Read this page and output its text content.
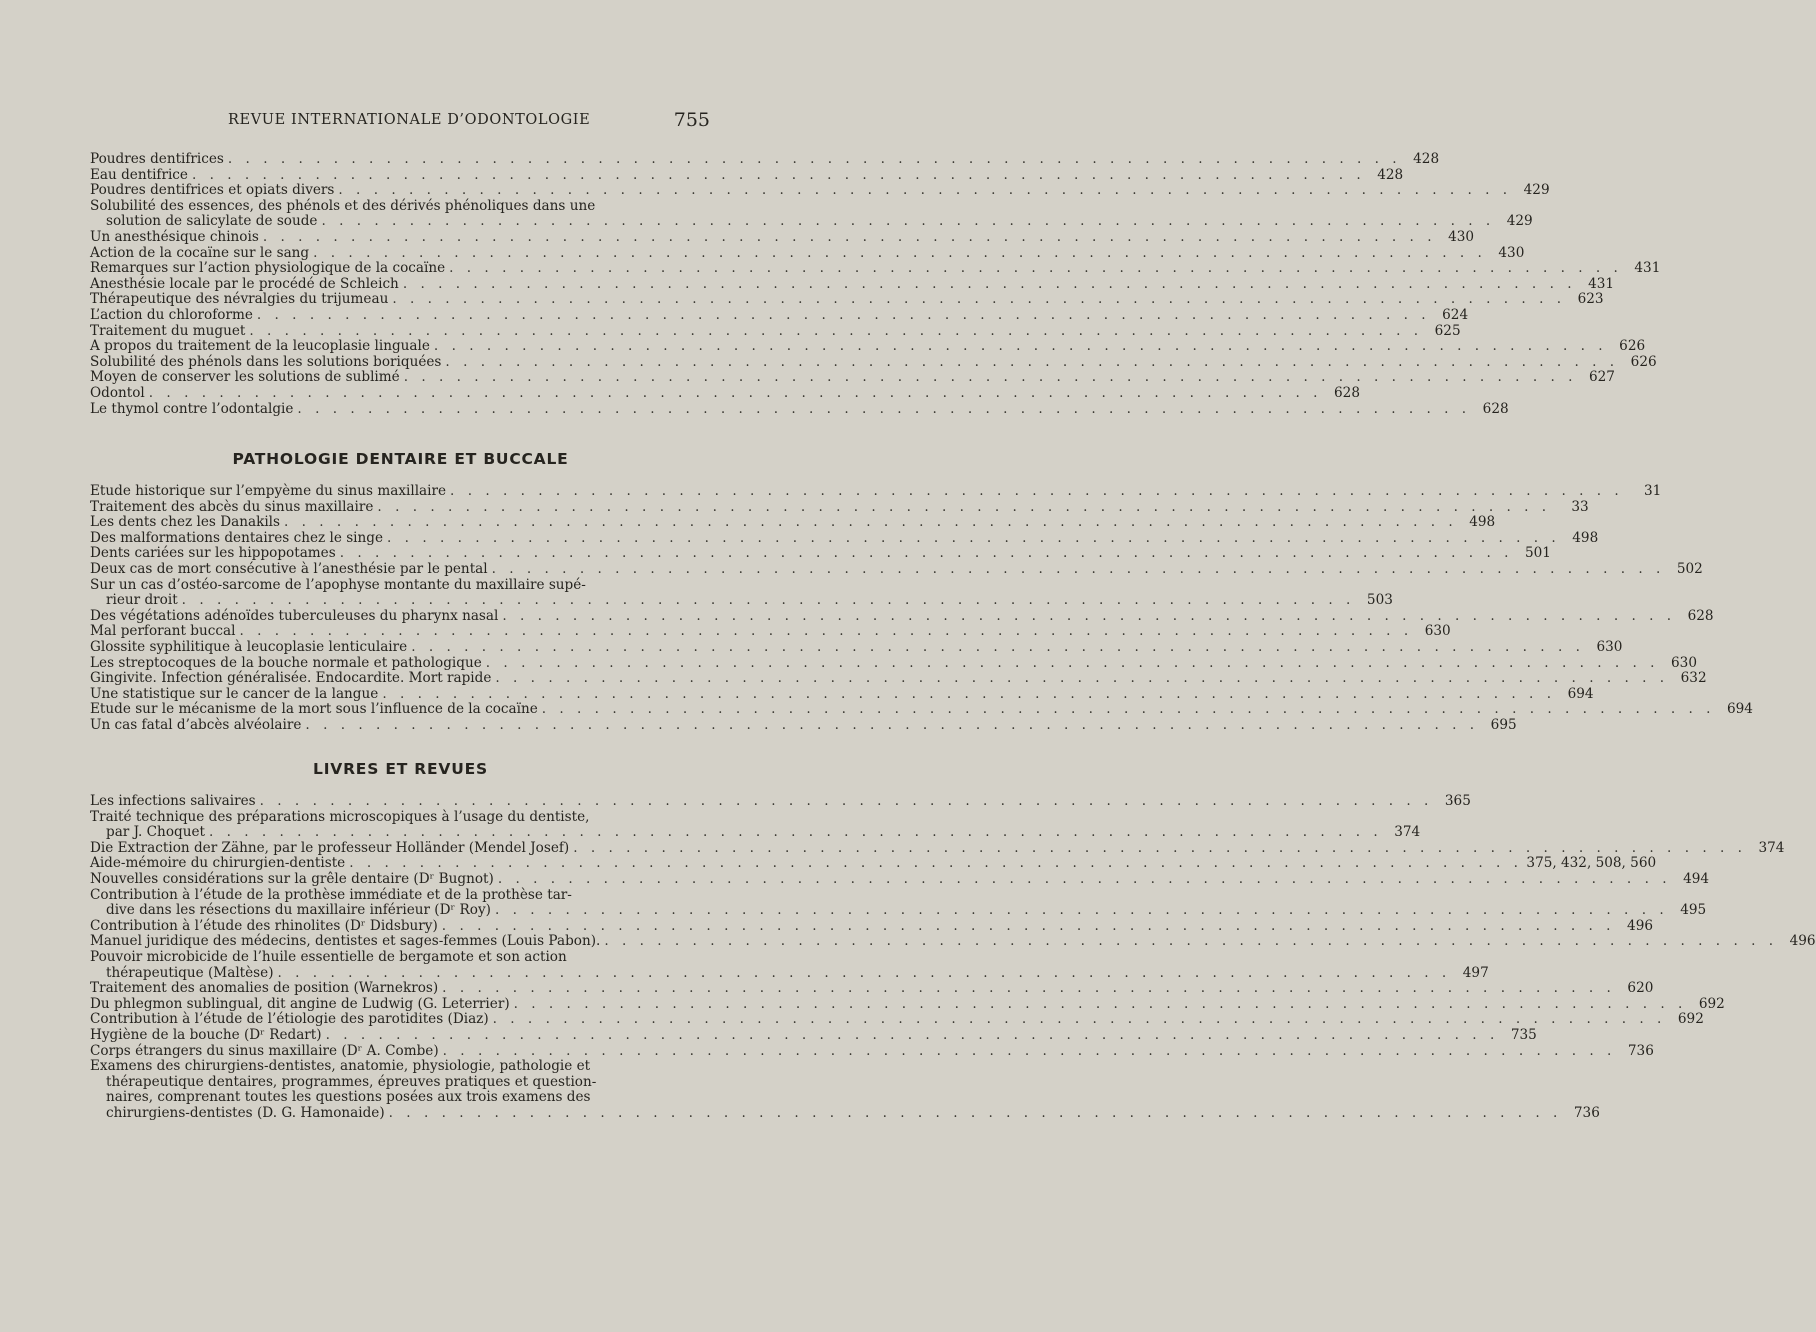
REVUE INTERNATIONALE D’ODONTOLOGIE	755
Poudres dentifrices . . .	428
Eau dentifrice . . .	428
Poudres dentifrices et opiats divers . . .	429
Solubilité des essences, des phénols et des dérivés phénoliques dans une
solution de salicylate de soude . . .	429
Un anesthésique chinois . . .	430
Action de la cocaïne sur le sang . . .	430
Remarques sur l’action physiologique de la cocaïne . . .	431
Anesthésie locale par le procédé de Schleich . . .	431
Thérapeutique des névralgies du trijumeau . . .	623
L’action du chloroforme . . .	624
Traitement du muguet . . .	625
A propos du traitement de la leucoplasie linguale . . .	626
Solubilité des phénols dans les solutions boriquées . . .	626
Moyen de conserver les solutions de sublimé . . .	627
Odontol . . .	628
Le thymol contre l’odontalgie . . .	628
PATHOLOGIE DENTAIRE ET BUCCALE
Etude historique sur l’empyème du sinus maxillaire . . .	31
Traitement des abcès du sinus maxillaire . . .	33
Les dents chez les Danakils . . .	498
Des malformations dentaires chez le singe . . .	498
Dents cariées sur les hippopotames . . .	501
Deux cas de mort consécutive à l’anesthésie par le pental . . .	502
Sur un cas d’ostéo-sarcome de l’apophyse montante du maxillaire supé-
rieur droit . . .	503
Des végétations adénoïdes tuberculeuses du pharynx nasal . . .	628
Mal perforant buccal . . .	630
Glossite syphilitique à leucoplasie lenticulaire . . .	630
Les streptocoques de la bouche normale et pathologique . . .	630
Gingivite. Infection généralisée. Endocardite. Mort rapide . . .	632
Une statistique sur le cancer de la langue . . .	694
Etude sur le mécanisme de la mort sous l’influence de la cocaïne . . .	694
Un cas fatal d’abcès alvéolaire . . .	695
LIVRES ET REVUES
Les infections salivaires . . .	365
Traité technique des préparations microscopiques à l’usage du dentiste,
par J. Choquet . . .	374
Die Extraction der Zähne, par le professeur Holländer (Mendel Josef) . . .	374
Aide-mémoire du chirurgien-dentiste . . .	375, 432, 508, 560
Nouvelles considérations sur la grêle dentaire (Dʳ Bugnot) . . .	494
Contribution à l’étude de la prothèse immédiate et de la prothèse tar-
dive dans les résections du maxillaire inférieur (Dʳ Roy) . . .	495
Contribution à l’étude des rhinolites (Dʳ Didsbury) . . .	496
Manuel juridique des médecins, dentistes et sages-femmes (Louis Pabon). . . .	496
Pouvoir microbicide de l’huile essentielle de bergamote et son action
thérapeutique (Maltèse) . . .	497
Traitement des anomalies de position (Warnekros) . . .	620
Du phlegmon sublingual, dit angine de Ludwig (G. Leterrier) . . .	692
Contribution à l’étude de l’étiologie des parotidites (Diaz) . . .	692
Hygiène de la bouche (Dʳ Redart) . . .	735
Corps étrangers du sinus maxillaire (Dʳ A. Combe) . . .	736
Examens des chirurgiens-dentistes, anatomie, physiologie, pathologie et
thérapeutique dentaires, programmes, épreuves pratiques et question-
naires, comprenant toutes les questions posées aux trois examens des
chirurgiens-dentistes (D. G. Hamonaide) . . .	736
